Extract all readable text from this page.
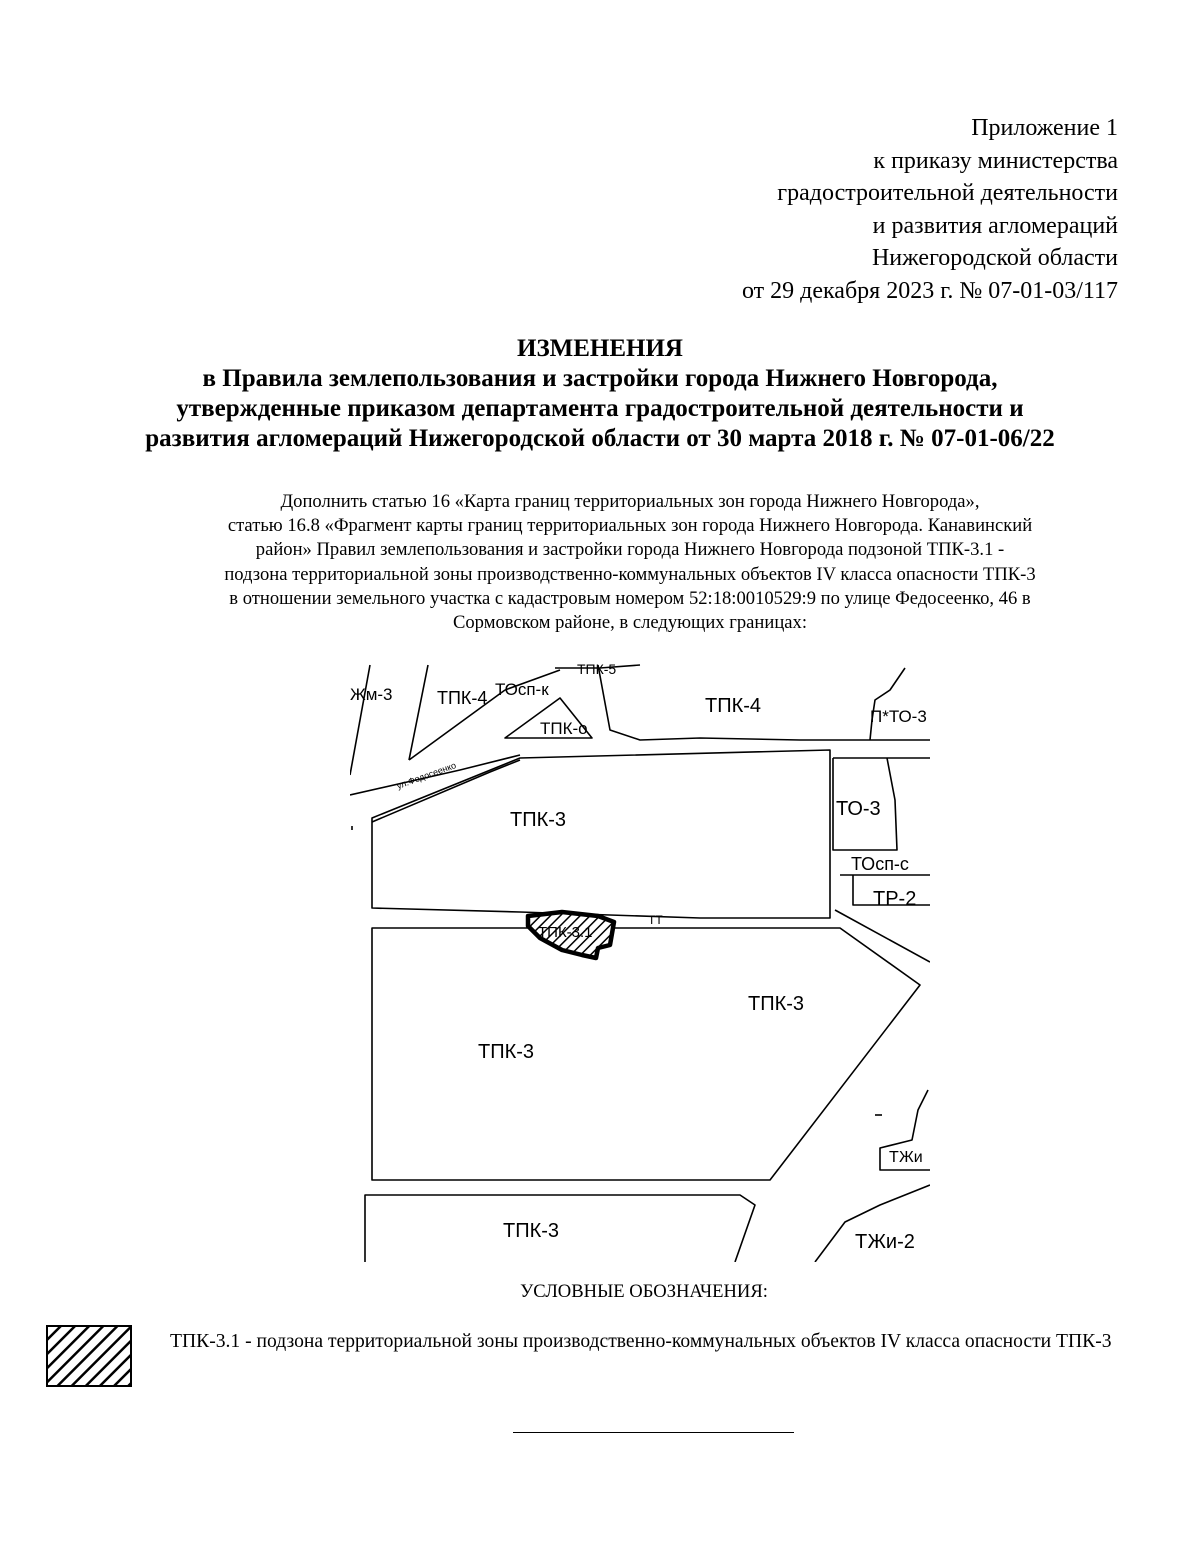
Приложение 1
к приказу министерства
градостроительной деятельности
и развития агломераций
Нижегородской области
от 29 декабря 2023 г. № 07-01-03/117
ИЗМЕНЕНИЯ
в Правила землепользования и застройки города Нижнего Новгорода,
утвержденные приказом департамента градостроительной деятельности и
развития агломераций Нижегородской области от 30 марта 2018 г. № 07-01-06/22
Дополнить статью 16 «Карта границ территориальных зон города Нижнего Новгорода»,
статью 16.8 «Фрагмент карты границ территориальных зон города Нижнего Новгорода. Канавинский
район» Правил землепользования и застройки города Нижнего Новгорода подзоной ТПК-3.1 -
подзона территориальной зоны производственно-коммунальных объектов IV класса опасности ТПК-3
в отношении земельного участка с кадастровым номером 52:18:0010529:9 по улице Федосеенко, 46 в
Сормовском районе, в следующих границах:
Жм-3 ТПК-4 ТОсп-к
ТПК-5
ТПК-о
ТПК-4	П*ТО-3
ул.Федосеенко
ТПК-3	ТО-3
ТОсп-с
ТР-2
ТТ
ТПК-3.1
ТПК-3
ТПК-3
ТЖи
ТПК-3	ТЖи-2
УСЛОВНЫЕ ОБОЗНАЧЕНИЯ:
ТПК-3.1 - подзона территориальной зоны производственно-коммунальных объектов IV класса опасности ТПК-3
